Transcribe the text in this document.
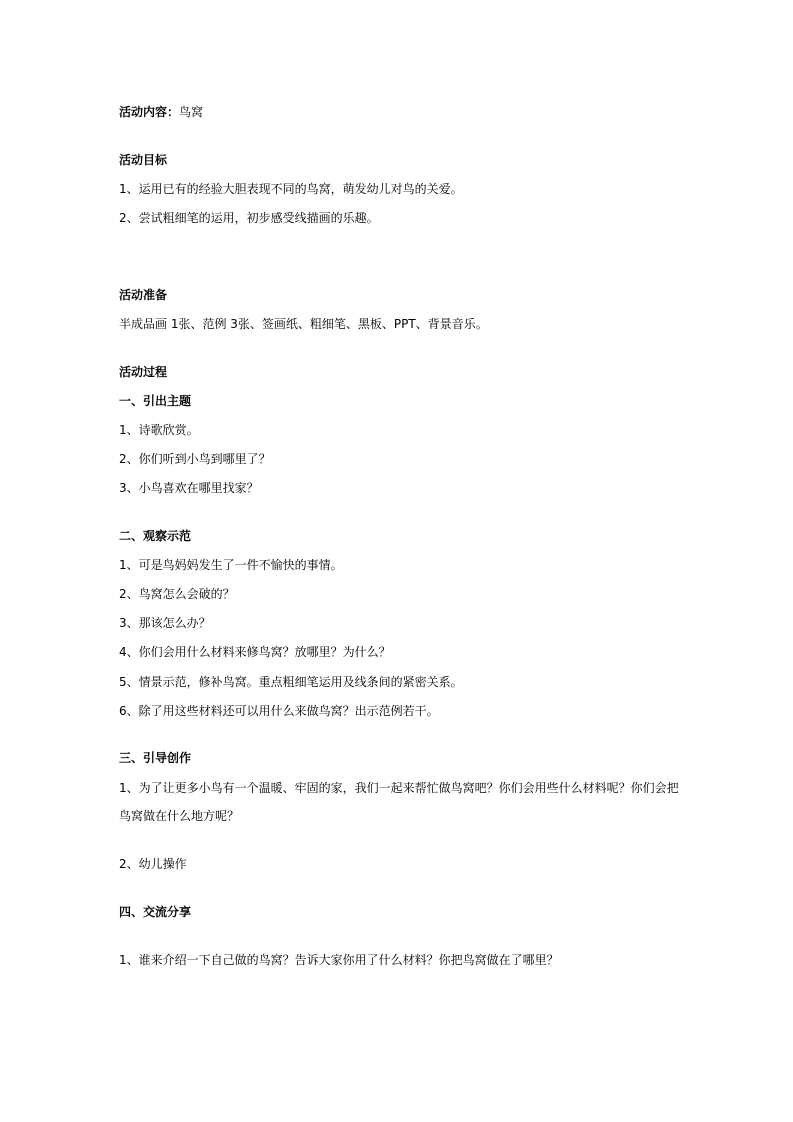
活动内容：鸟窝

活动目标

1、运用已有的经验大胆表现不同的鸟窝，萌发幼儿对鸟的关爱。

2、尝试粗细笔的运用，初步感受线描画的乐趣。

活动准备

半成品画 1张、范例 3张、签画纸、粗细笔、黑板、PPT、背景音乐。

活动过程

一、引出主题

1、诗歌欣赏。

2、你们听到小鸟到哪里了？

3、小鸟喜欢在哪里找家？

二、观察示范

1、可是鸟妈妈发生了一件不愉快的事情。

2、鸟窝怎么会破的？

3、那该怎么办？

4、你们会用什么材料来修鸟窝？放哪里？为什么？

5、情景示范，修补鸟窝。重点粗细笔运用及线条间的紧密关系。

6、除了用这些材料还可以用什么来做鸟窝？出示范例若干。

三、引导创作

1、为了让更多小鸟有一个温暖、牢固的家，我们一起来帮忙做鸟窝吧？你们会用些什么材料呢？你们会把

鸟窝做在什么地方呢？

2、幼儿操作

四、交流分享

1、谁来介绍一下自己做的鸟窝？告诉大家你用了什么材料？你把鸟窝做在了哪里？
